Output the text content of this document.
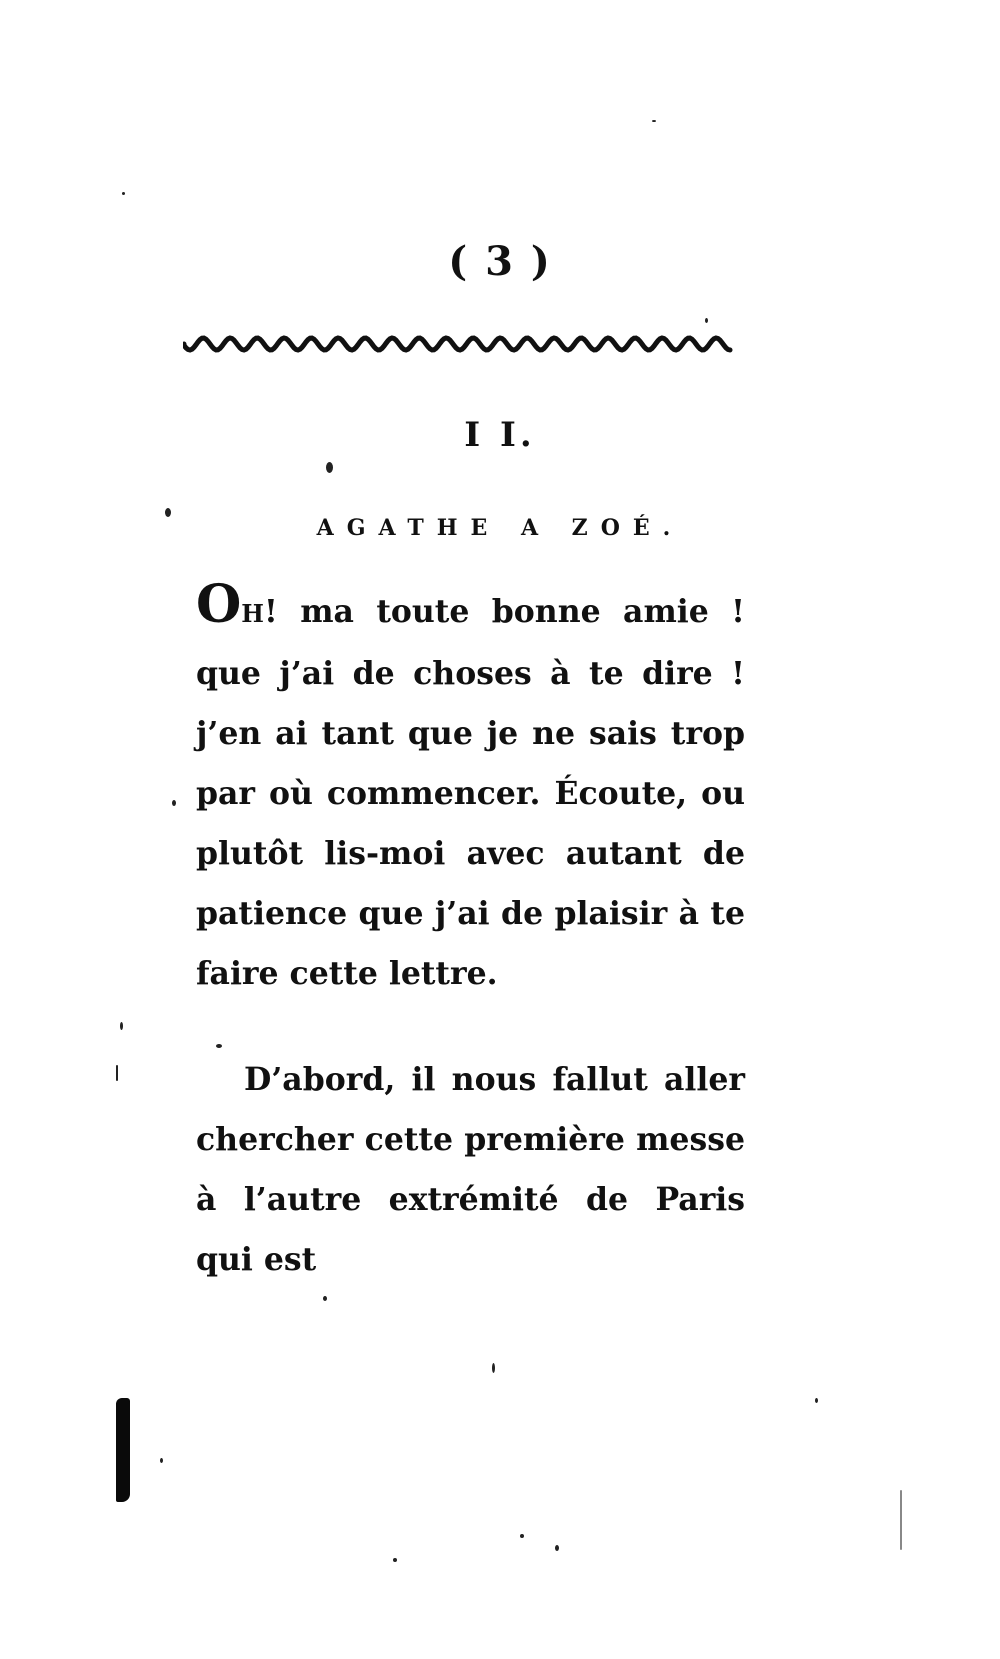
( 3 )
I I.
AGATHE A ZOÉ.
OH! ma toute bonne amie ! que j’ai de choses à te dire ! j’en ai tant que je ne sais trop par où commencer. Écoute, ou plutôt lis-moi avec autant de patience que j’ai de plaisir à te faire cette lettre.
D’abord, il nous fallut aller chercher cette première messe à l’autre extrémité de Paris qui est
